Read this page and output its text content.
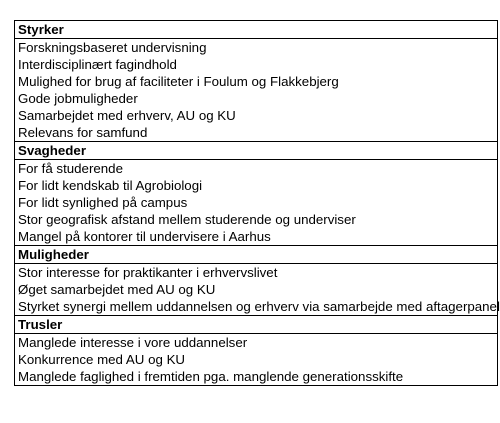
Styrker

Forskningsbaseret undervisning
Interdisciplinært fagindhold
Mulighed for brug af faciliteter i Foulum og Flakkebjerg
Gode jobmuligheder
Samarbejdet med erhverv, AU og KU
Relevans for samfund

Svagheder

For få studerende
For lidt kendskab til Agrobiologi
For lidt synlighed på campus
Stor geografisk afstand mellem studerende og underviser
Mangel på kontorer til undervisere i Aarhus

Muligheder

Stor interesse for praktikanter i erhvervslivet
Øget samarbejdet med AU og KU
Styrket synergi mellem uddannelsen og erhverv via samarbejde med aftagerpanel

Trusler

Manglede interesse i vore uddannelser
Konkurrence med AU og KU
Manglede faglighed i fremtiden pga. manglende generationsskifte
